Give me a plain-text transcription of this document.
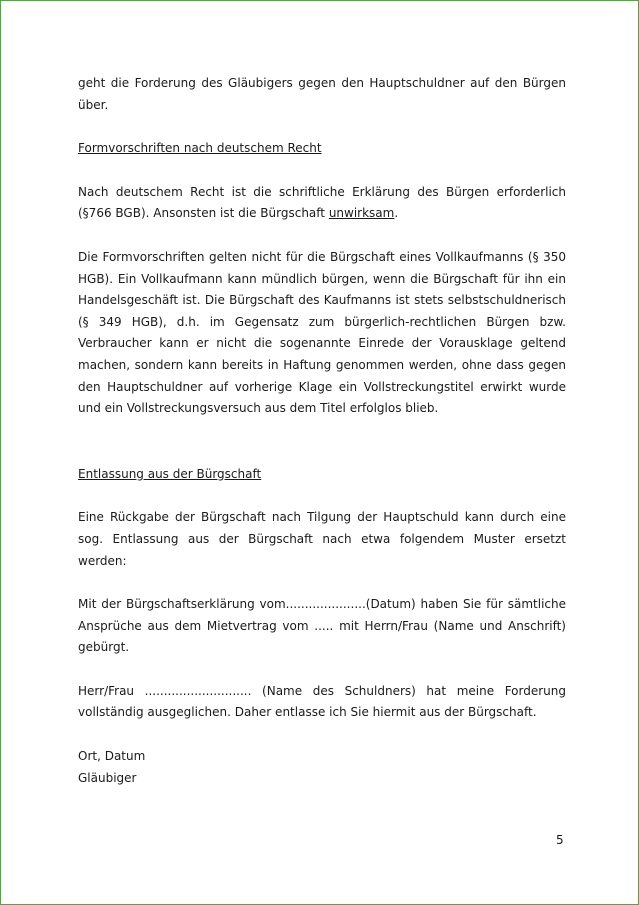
geht die Forderung des Gläubigers gegen den Hauptschuldner auf den Bürgen über.

Formvorschriften nach deutschem Recht

Nach deutschem Recht ist die schriftliche Erklärung des Bürgen erforderlich (§766 BGB). Ansonsten ist die Bürgschaft unwirksam.

Die Formvorschriften gelten nicht für die Bürgschaft eines Vollkaufmanns (§ 350 HGB). Ein Vollkaufmann kann mündlich bürgen, wenn die Bürgschaft für ihn ein Handelsgeschäft ist. Die Bürgschaft des Kaufmanns ist stets selbstschuldnerisch (§ 349 HGB), d.h. im Gegensatz zum bürgerlich-rechtlichen Bürgen bzw. Verbraucher kann er nicht die sogenannte Einrede der Vorausklage geltend machen, sondern kann bereits in Haftung genommen werden, ohne dass gegen den Hauptschuldner auf vorherige Klage ein Vollstreckungstitel erwirkt wurde und ein Vollstreckungsversuch aus dem Titel erfolglos blieb.

Entlassung aus der Bürgschaft

Eine Rückgabe der Bürgschaft nach Tilgung der Hauptschuld kann durch eine sog. Entlassung aus der Bürgschaft nach etwa folgendem Muster ersetzt werden:

Mit der Bürgschaftserklärung vom.....................(Datum) haben Sie für sämtliche Ansprüche aus dem Mietvertrag vom ..... mit Herrn/Frau (Name und Anschrift) gebürgt.

Herr/Frau ............................ (Name des Schuldners) hat meine Forderung vollständig ausgeglichen. Daher entlasse ich Sie hiermit aus der Bürgschaft.

Ort, Datum

Gläubiger

5
